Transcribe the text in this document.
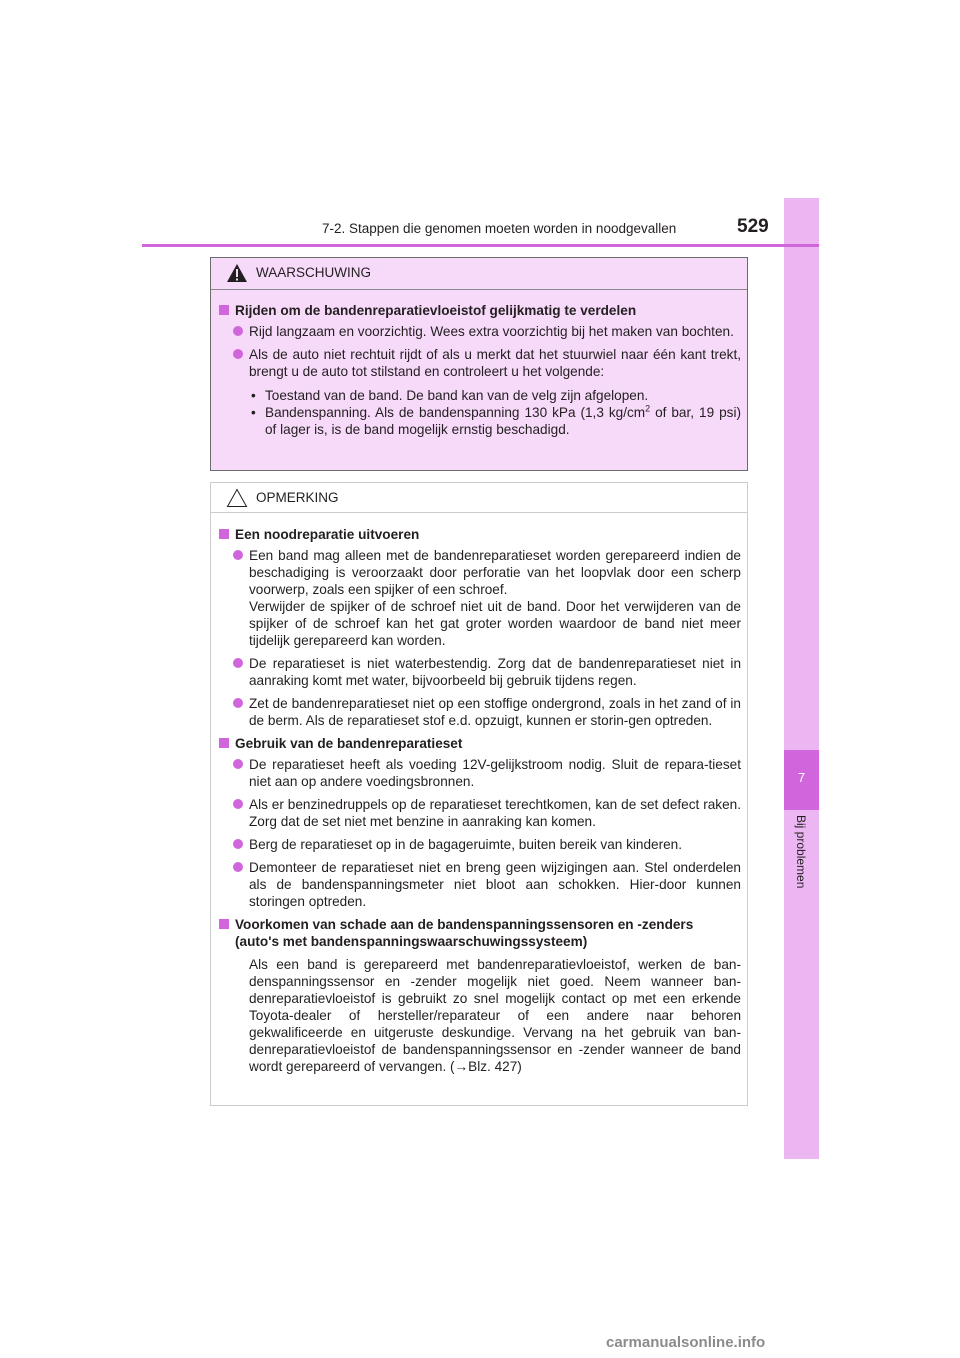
7
Bij problemen
7-2. Stappen die genomen moeten worden in noodgevallen	529
WAARSCHUWING
Rijden om de bandenreparatievloeistof gelijkmatig te verdelen
Rijd langzaam en voorzichtig. Wees extra voorzichtig bij het maken van bochten.
Als de auto niet rechtuit rijdt of als u merkt dat het stuurwiel naar één kant trekt, brengt u de auto tot stilstand en controleert u het volgende:
• Toestand van de band. De band kan van de velg zijn afgelopen.
• Bandenspanning. Als de bandenspanning 130 kPa (1,3 $kg/cm^2$ of bar, 19 psi) of lager is, is de band mogelijk ernstig beschadigd.
OPMERKING
Een noodreparatie uitvoeren
Een band mag alleen met de bandenreparatieset worden gerepareerd indien de beschadiging is veroorzaakt door perforatie van het loopvlak door een scherp voorwerp, zoals een spijker of een schroef.
Verwijder de spijker of de schroef niet uit de band. Door het verwijderen van de spijker of de schroef kan het gat groter worden waardoor de band niet meer tijdelijk gerepareerd kan worden.
De reparatieset is niet waterbestendig. Zorg dat de bandenreparatieset niet in aanraking komt met water, bijvoorbeeld bij gebruik tijdens regen.
Zet de bandenreparatieset niet op een stoffige ondergrond, zoals in het zand of in de berm. Als de reparatieset stof e.d. opzuigt, kunnen er storin-gen optreden.
Gebruik van de bandenreparatieset
De reparatieset heeft als voeding 12V-gelijkstroom nodig. Sluit de repara-tieset niet aan op andere voedingsbronnen.
Als er benzinedruppels op de reparatieset terechtkomen, kan de set defect raken. Zorg dat de set niet met benzine in aanraking kan komen.
Berg de reparatieset op in de bagageruimte, buiten bereik van kinderen.
Demonteer de reparatieset niet en breng geen wijzigingen aan. Stel onderdelen als de bandenspanningsmeter niet bloot aan schokken. Hier-door kunnen storingen optreden.
Voorkomen van schade aan de bandenspanningssensoren en -zenders (auto's met bandenspanningswaarschuwingssysteem)
Als een band is gerepareerd met bandenreparatievloeistof, werken de ban-denspanningssensor en -zender mogelijk niet goed. Neem wanneer ban-denreparatievloeistof is gebruikt zo snel mogelijk contact op met een erkende Toyota-dealer of hersteller/reparateur of een andere naar behoren gekwalificeerde en uitgeruste deskundige. Vervang na het gebruik van ban-denreparatievloeistof de bandenspanningssensor en -zender wanneer de band wordt gerepareerd of vervangen. (→Blz. 427)
carmanualsonline.info
